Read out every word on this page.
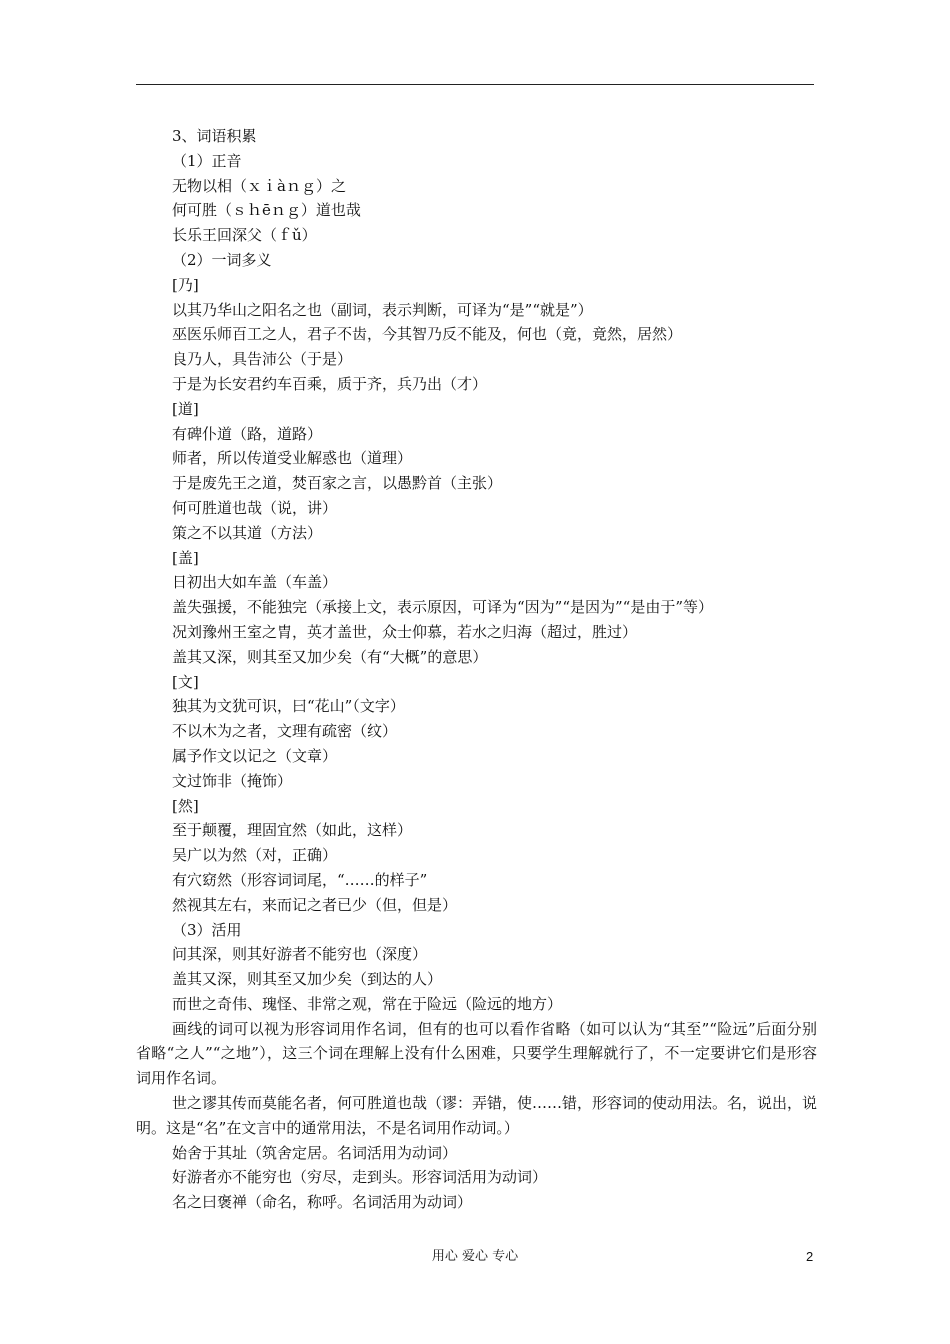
3、词语积累
（1）正音
无物以相（ｘｉàｎｇ）之
何可胜（ｓｈēｎｇ）道也哉
长乐王回深父（ｆǔ）
（2）一词多义
[乃]
以其乃华山之阳名之也（副词，表示判断，可译为“是”“就是”）
巫医乐师百工之人，君子不齿，今其智乃反不能及，何也（竟，竟然，居然）
良乃人，具告沛公（于是）
于是为长安君约车百乘，质于齐，兵乃出（才）
[道]
有碑仆道（路，道路）
师者，所以传道受业解惑也（道理）
于是废先王之道，焚百家之言，以愚黔首（主张）
何可胜道也哉（说，讲）
策之不以其道（方法）
[盖]
日初出大如车盖（车盖）
盖失强援，不能独完（承接上文，表示原因，可译为“因为”“是因为”“是由于”等）
况刘豫州王室之胄，英才盖世，众士仰慕，若水之归海（超过，胜过）
盖其又深，则其至又加少矣（有“大概”的意思）
[文]
独其为文犹可识，曰“花山”（文字）
不以木为之者，文理有疏密（纹）
属予作文以记之（文章）
文过饰非（掩饰）
[然]
至于颠覆，理固宜然（如此，这样）
吴广以为然（对，正确）
有穴窈然（形容词词尾，“……的样子”
然视其左右，来而记之者已少（但，但是）
（3）活用
问其深，则其好游者不能穷也（深度）
盖其又深，则其至又加少矣（到达的人）
而世之奇伟、瑰怪、非常之观，常在于险远（险远的地方）
画线的词可以视为形容词用作名词，但有的也可以看作省略（如可以认为“其至”“险远”后面分别省略“之人”“之地”），这三个词在理解上没有什么困难，只要学生理解就行了，不一定要讲它们是形容词用作名词。
世之谬其传而莫能名者，何可胜道也哉（谬：弄错，使……错，形容词的使动用法。名，说出，说明。这是“名”在文言中的通常用法，不是名词用作动词。）
始舍于其址（筑舍定居。名词活用为动词）
好游者亦不能穷也（穷尽，走到头。形容词活用为动词）
名之曰褒禅（命名，称呼。名词活用为动词）
用心 爱心 专心	2
